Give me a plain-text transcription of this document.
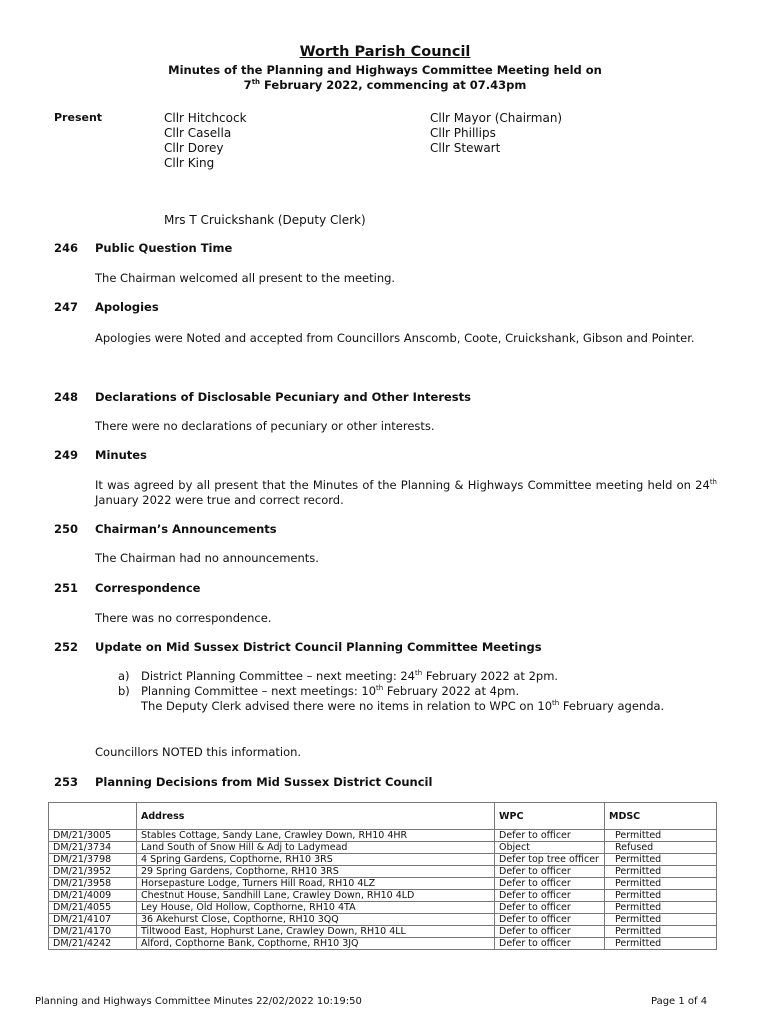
Worth Parish Council
Minutes of the Planning and Highways Committee Meeting held on
7th February 2022, commencing at 07.43pm
Present	Cllr Hitchcock
Cllr Casella
Cllr Dorey
Cllr King
Cllr Mayor (Chairman)
Cllr Phillips
Cllr Stewart
Mrs T Cruickshank (Deputy Clerk)
246 Public Question Time
The Chairman welcomed all present to the meeting.
247 Apologies
Apologies were Noted and accepted from Councillors Anscomb, Coote, Cruickshank, Gibson and Pointer.
248 Declarations of Disclosable Pecuniary and Other Interests
There were no declarations of pecuniary or other interests.
249 Minutes
It was agreed by all present that the Minutes of the Planning & Highways Committee meeting held on 24th January 2022 were true and correct record.
250 Chairman’s Announcements
The Chairman had no announcements.
251 Correspondence
There was no correspondence.
252 Update on Mid Sussex District Council Planning Committee Meetings
a) District Planning Committee – next meeting: 24th February 2022 at 2pm.
b) Planning Committee – next meetings: 10th February 2022 at 4pm.
The Deputy Clerk advised there were no items in relation to WPC on 10th February agenda.
Councillors NOTED this information.
253 Planning Decisions from Mid Sussex District Council
	Address	WPC	MDSC
DM/21/3005	Stables Cottage, Sandy Lane, Crawley Down, RH10 4HR	Defer to officer	Permitted
DM/21/3734	Land South of Snow Hill & Adj to Ladymead	Object	Refused
DM/21/3798	4 Spring Gardens, Copthorne, RH10 3RS	Defer top tree officer	Permitted
DM/21/3952	29 Spring Gardens, Copthorne, RH10 3RS	Defer to officer	Permitted
DM/21/3958	Horsepasture Lodge, Turners Hill Road, RH10 4LZ	Defer to officer	Permitted
DM/21/4009	Chestnut House, Sandhill Lane, Crawley Down, RH10 4LD	Defer to officer	Permitted
DM/21/4055	Ley House, Old Hollow, Copthorne, RH10 4TA	Defer to officer	Permitted
DM/21/4107	36 Akehurst Close, Copthorne, RH10 3QQ	Defer to officer	Permitted
DM/21/4170	Tiltwood East, Hophurst Lane, Crawley Down, RH10 4LL	Defer to officer	Permitted
DM/21/4242	Alford, Copthorne Bank, Copthorne, RH10 3JQ	Defer to officer	Permitted
Planning and Highways Committee Minutes 22/02/2022 10:19:50	Page 1 of 4
